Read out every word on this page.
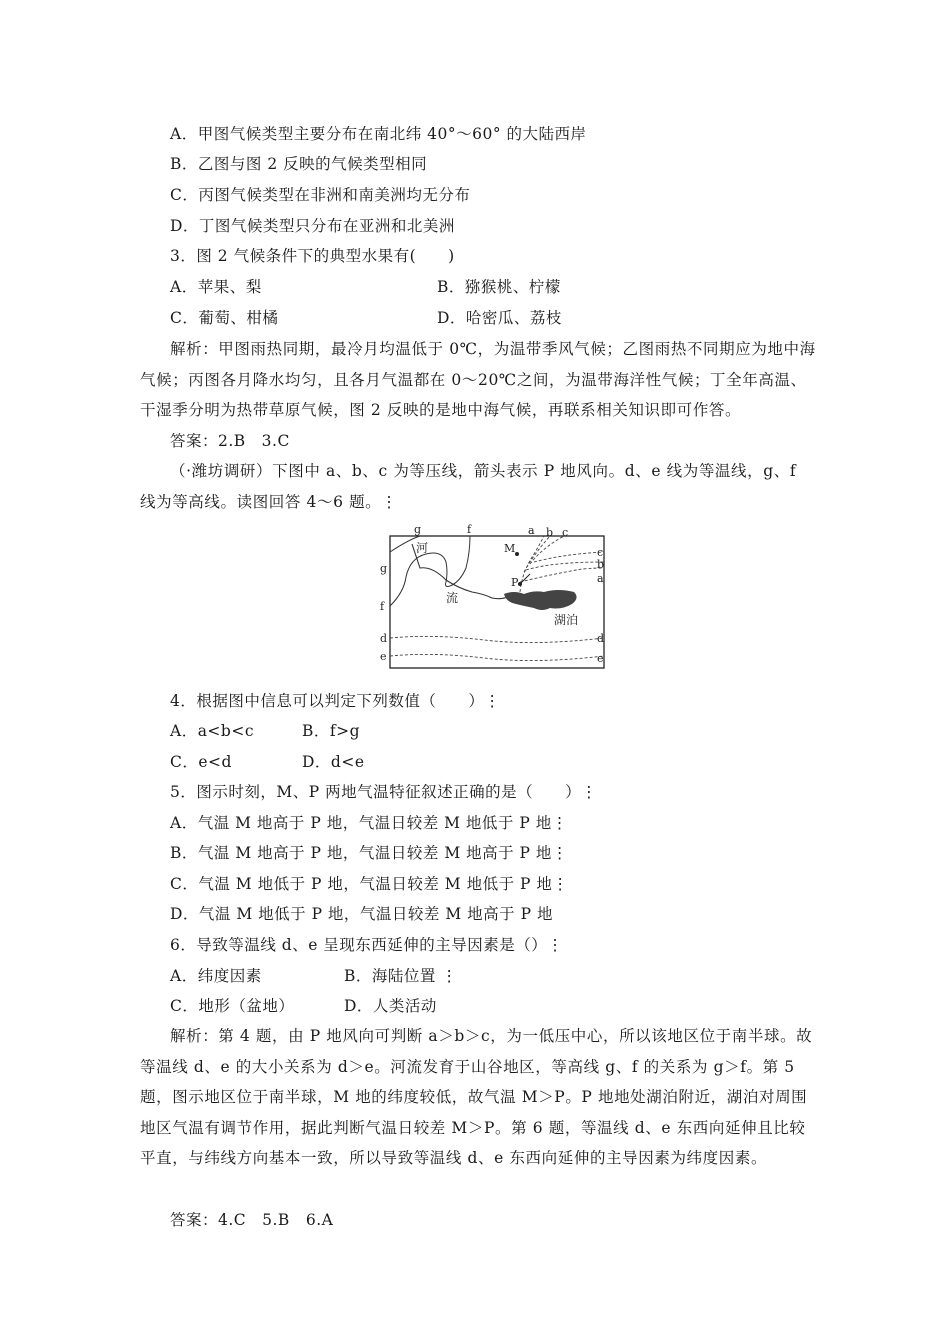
A．甲图气候类型主要分布在南北纬 40°～60° 的大陆西岸
B．乙图与图 2 反映的气候类型相同
C．丙图气候类型在非洲和南美洲均无分布
D．丁图气候类型只分布在亚洲和北美洲
3．图 2 气候条件下的典型水果有(　　)
A．苹果、梨	B．猕猴桃、柠檬
C．葡萄、柑橘	D．哈密瓜、荔枝
解析：甲图雨热同期，最冷月均温低于 0℃，为温带季风气候；乙图雨热不同期应为地中海气候；丙图各月降水均匀，且各月气温都在 0～20℃之间，为温带海洋性气候；丁全年高温、干湿季分明为热带草原气候，图 2 反映的是地中海气候，再联系相关知识即可作答。
答案：2.B　3.C
（·潍坊调研）下图中 a、b、c 为等压线，箭头表示 P 地风向。d、e 线为等温线，g、f 线为等高线。读图回答 4～6 题。⋮
g	f
g
f
a b c
c
b
a
d
e
d
e
M
P
河
流
湖泊
4．根据图中信息可以判定下列数值（　　）⋮
A．a<b<c	B．f>g
C．e<d	D．d<e
5．图示时刻，M、P 两地气温特征叙述正确的是（　　）⋮
A．气温 M 地高于 P 地，气温日较差 M 地低于 P 地⋮
B．气温 M 地高于 P 地，气温日较差 M 地高于 P 地⋮
C．气温 M 地低于 P 地，气温日较差 M 地低于 P 地⋮
D．气温 M 地低于 P 地，气温日较差 M 地高于 P 地
6．导致等温线 d、e 呈现东西延伸的主导因素是（）⋮
A．纬度因素	B．海陆位置 ⋮
C．地形（盆地）	D．人类活动
解析：第 4 题，由 P 地风向可判断 a＞b＞c，为一低压中心，所以该地区位于南半球。故等温线 d、e 的大小关系为 d＞e。河流发育于山谷地区，等高线 g、f 的关系为 g＞f。第 5 题，图示地区位于南半球，M 地的纬度较低，故气温 M＞P。P 地地处湖泊附近，湖泊对周围地区气温有调节作用，据此判断气温日较差 M＞P。第 6 题，等温线 d、e 东西向延伸且比较平直，与纬线方向基本一致，所以导致等温线 d、e 东西向延伸的主导因素为纬度因素。
答案：4.C　5.B　6.A
